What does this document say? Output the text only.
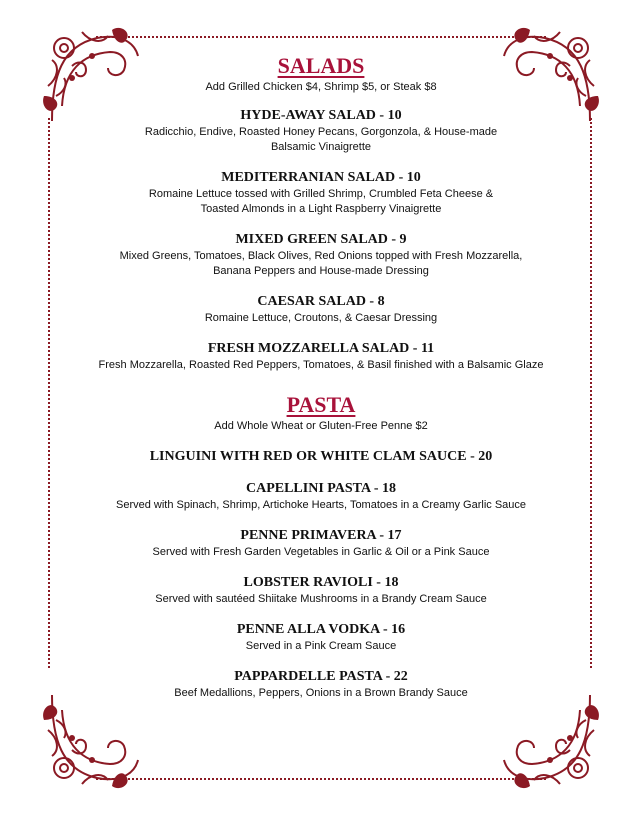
SALADS

Add Grilled Chicken $4, Shrimp $5, or Steak $8

HYDE-AWAY SALAD - 10

Radicchio, Endive, Roasted Honey Pecans, Gorgonzola, & House-made

Balsamic Vinaigrette

MEDITERRANIAN SALAD - 10

Romaine Lettuce tossed with Grilled Shrimp, Crumbled Feta Cheese &

Toasted Almonds in a Light Raspberry Vinaigrette

MIXED GREEN SALAD - 9

Mixed Greens, Tomatoes, Black Olives, Red Onions topped with Fresh Mozzarella,

Banana Peppers and House-made Dressing

CAESAR SALAD - 8

Romaine Lettuce, Croutons, & Caesar Dressing

FRESH MOZZARELLA SALAD - 11

Fresh Mozzarella, Roasted Red Peppers, Tomatoes, & Basil finished with a Balsamic Glaze

PASTA

Add Whole Wheat or Gluten-Free Penne $2

LINGUINI WITH RED OR WHITE CLAM SAUCE - 20

CAPELLINI PASTA - 18

Served with Spinach, Shrimp, Artichoke Hearts, Tomatoes in a Creamy Garlic Sauce

PENNE PRIMAVERA - 17

Served with Fresh Garden Vegetables in Garlic & Oil or a Pink Sauce

LOBSTER RAVIOLI - 18

Served with sautéed Shiitake Mushrooms in a Brandy Cream Sauce

PENNE ALLA VODKA - 16

Served in a Pink Cream Sauce

PAPPARDELLE PASTA - 22

Beef Medallions, Peppers, Onions in a Brown Brandy Sauce
